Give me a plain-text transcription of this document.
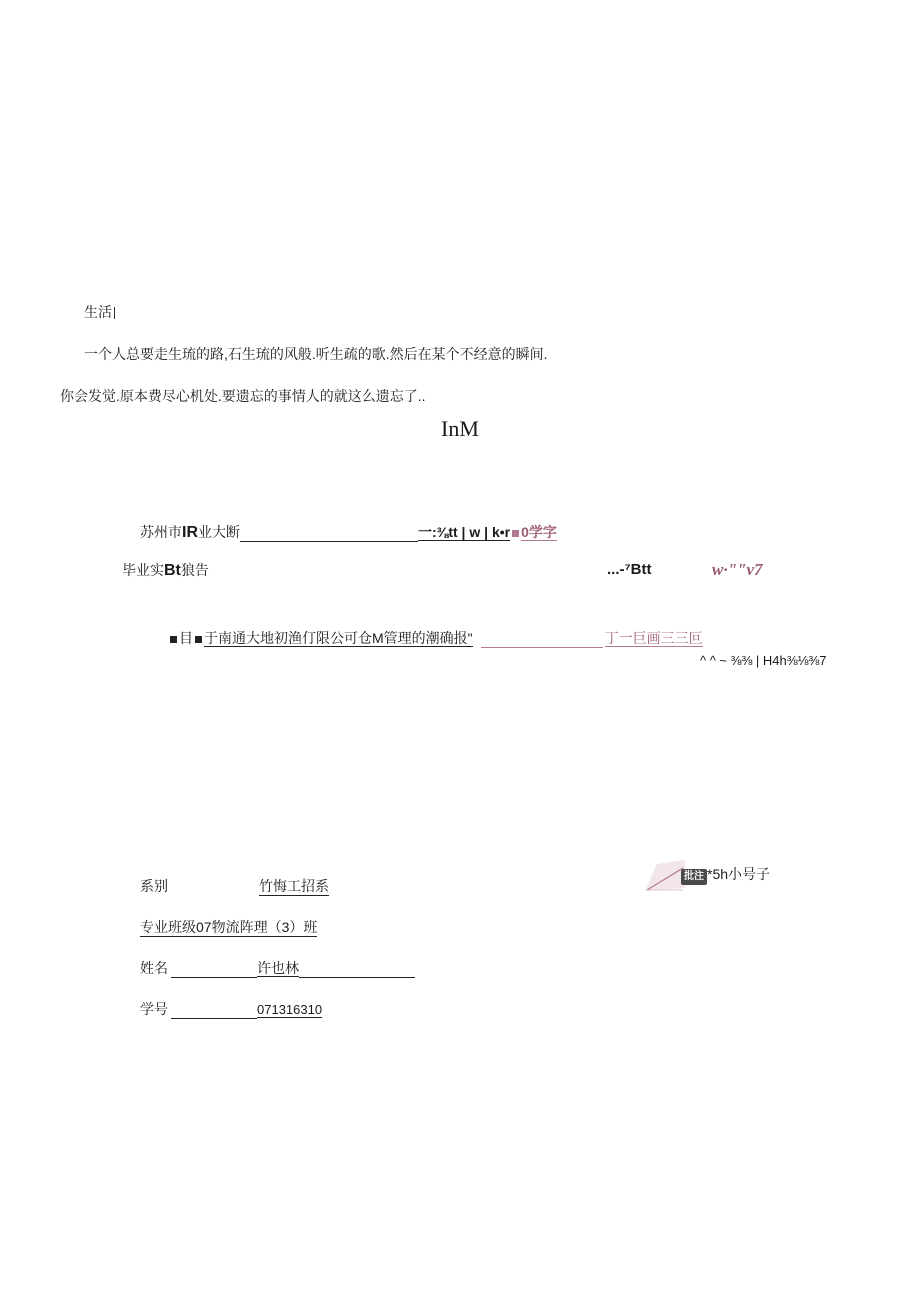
生活
一个人总要走生琉的路,石生琉的风般.听生疏的歌.然后在某个不经意的瞬间.
你会发觉.原本费尽心机处.要遗忘的事情人的就这么遗忘了..
InM
苏州市IR业大断	一:⅜tt | w | k•r 0学字
毕业实Bt狼告	...-⁷Btt	w·""v7
目 于南通大地初渔仃限公可仓M管理的潮确报"	丁一巨画三三叵
^ ^ ~ ⅜⅜ | H4h⅜⅛⅜7
批注 *5h小号子
系别	竹悔工招系
专业班级07物流阵理（3）班
姓名	许也林
学号	071316310
